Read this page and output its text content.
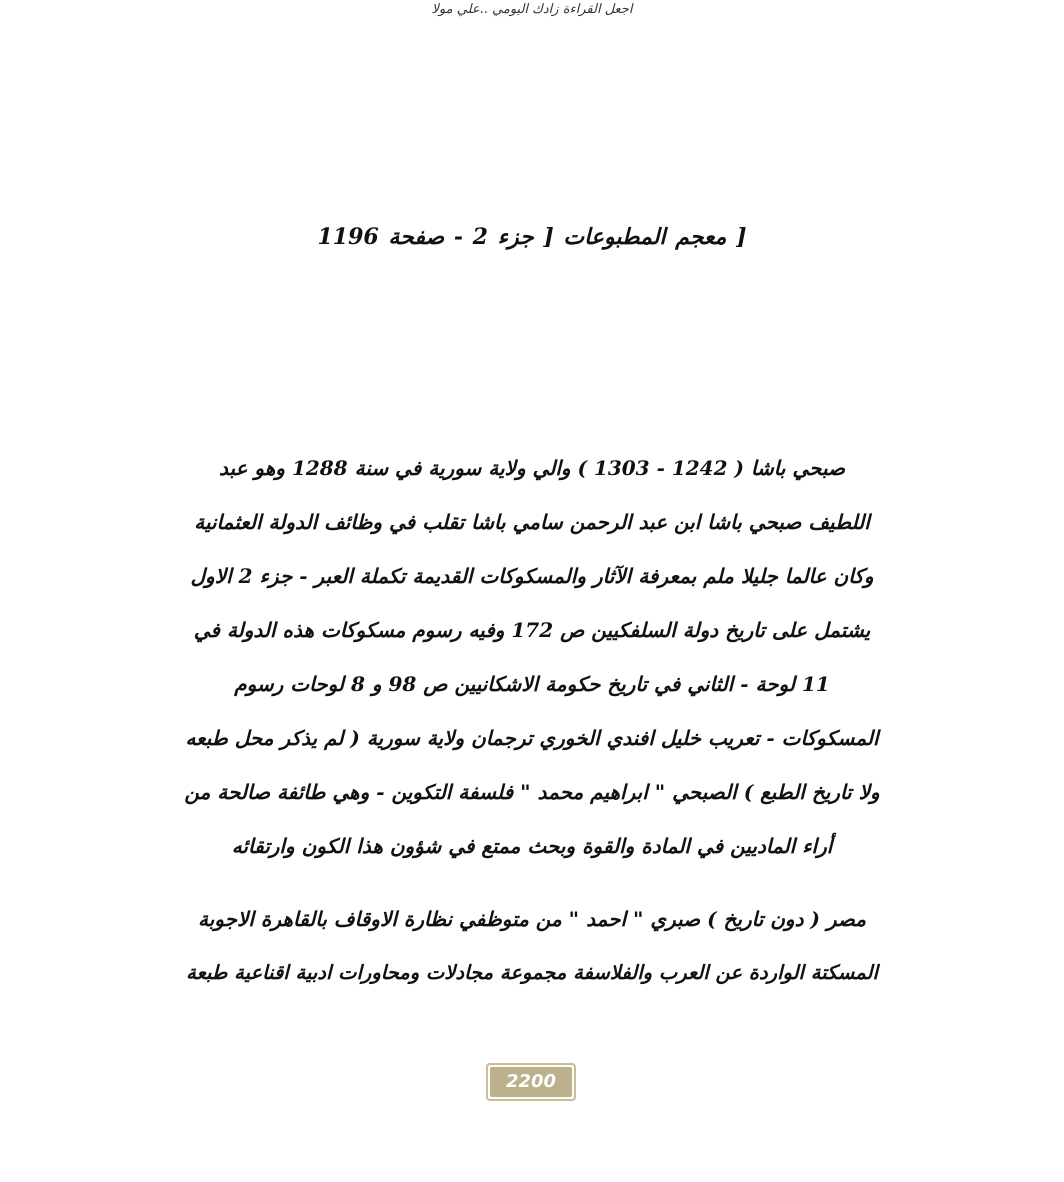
اجعل القراءة زادك اليومي ..علي مولا
[ معجم المطبوعات [ جزء 2 - صفحة 1196
صبحي باشا ( 1242 - 1303 ) والي ولاية سورية في سنة 1288 وهو عبد
اللطيف صبحي باشا ابن عبد الرحمن سامي باشا تقلب في وظائف الدولة العثمانية
وكان عالما جليلا ملم بمعرفة الآثار والمسكوكات القديمة تكملة العبر - جزء 2 الاول
يشتمل على تاريخ دولة السلفكيين ص 172 وفيه رسوم مسكوكات هذه الدولة في
11 لوحة - الثاني في تاريخ حكومة الاشكانيين ص 98 و 8 لوحات رسوم
المسكوكات - تعريب خليل افندي الخوري ترجمان ولاية سورية ( لم يذكر محل طبعه
ولا تاريخ الطبع ) الصبحي " ابراهيم محمد " فلسفة التكوين - وهي طائفة صالحة من
أراء الماديين في المادة والقوة وبحث ممتع في شؤون هذا الكون وارتقائه
مصر ( دون تاريخ ) صبري " احمد " من متوظفي نظارة الاوقاف بالقاهرة الاجوبة
المسكتة الواردة عن العرب والفلاسفة مجموعة مجادلات ومحاورات ادبية اقناعية طبعة
2200
